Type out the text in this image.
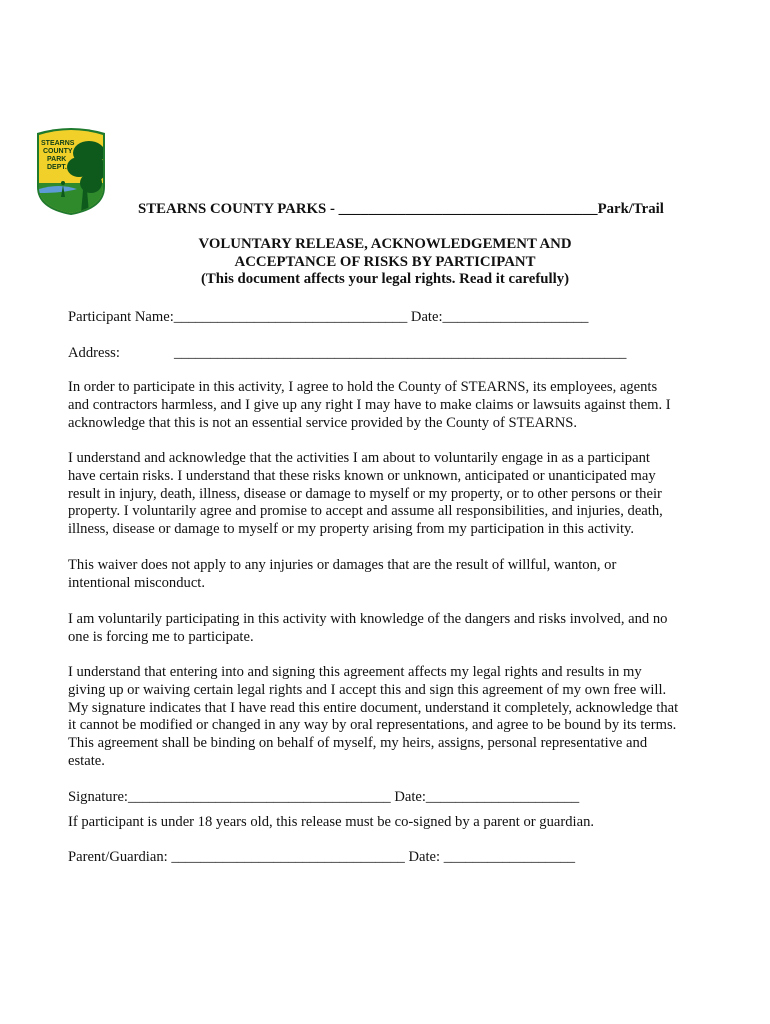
STEARNS
COUNTY
PARK
DEPT.
STEARNS COUNTY PARKS - ___________________________________Park/Trail
VOLUNTARY RELEASE, ACKNOWLEDGEMENT AND
ACCEPTANCE OF RISKS BY PARTICIPANT
(This document affects your legal rights. Read it carefully)
Participant Name:________________________________ Date:____________________
Address:	______________________________________________________________
In order to participate in this activity, I agree to hold the County of STEARNS, its employees, agents
and contractors harmless, and I give up any right I may have to make claims or lawsuits against them. I
acknowledge that this is not an essential service provided by the County of STEARNS.
I understand and acknowledge that the activities I am about to voluntarily engage in as a participant
have certain risks. I understand that these risks known or unknown, anticipated or unanticipated may
result in injury, death, illness, disease or damage to myself or my property, or to other persons or their
property. I voluntarily agree and promise to accept and assume all responsibilities, and injuries, death,
illness, disease or damage to myself or my property arising from my participation in this activity.
This waiver does not apply to any injuries or damages that are the result of willful, wanton, or
intentional misconduct.
I am voluntarily participating in this activity with knowledge of the dangers and risks involved, and no
one is forcing me to participate.
I understand that entering into and signing this agreement affects my legal rights and results in my
giving up or waiving certain legal rights and I accept this and sign this agreement of my own free will.
My signature indicates that I have read this entire document, understand it completely, acknowledge that
it cannot be modified or changed in any way by oral representations, and agree to be bound by its terms.
This agreement shall be binding on behalf of myself, my heirs, assigns, personal representative and
estate.
Signature:____________________________________ Date:_____________________
If participant is under 18 years old, this release must be co-signed by a parent or guardian.
Parent/Guardian: ________________________________ Date: __________________
